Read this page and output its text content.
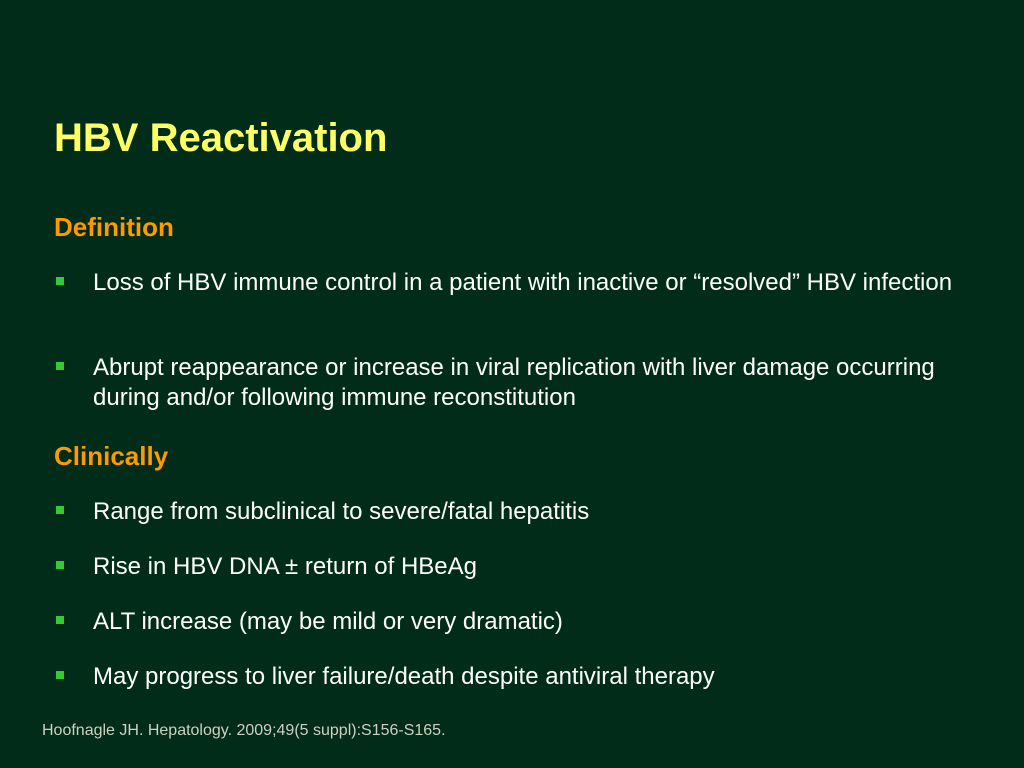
HBV Reactivation
Definition
Loss of HBV immune control in a patient with inactive or “resolved” HBV infection
Abrupt reappearance or increase in viral replication with liver damage occurring during and/or following immune reconstitution
Clinically
Range from subclinical to severe/fatal hepatitis
Rise in HBV DNA ± return of HBeAg
ALT increase (may be mild or very dramatic)
May progress to liver failure/death despite antiviral therapy

Hoofnagle JH. Hepatology. 2009;49(5 suppl):S156-S165.
